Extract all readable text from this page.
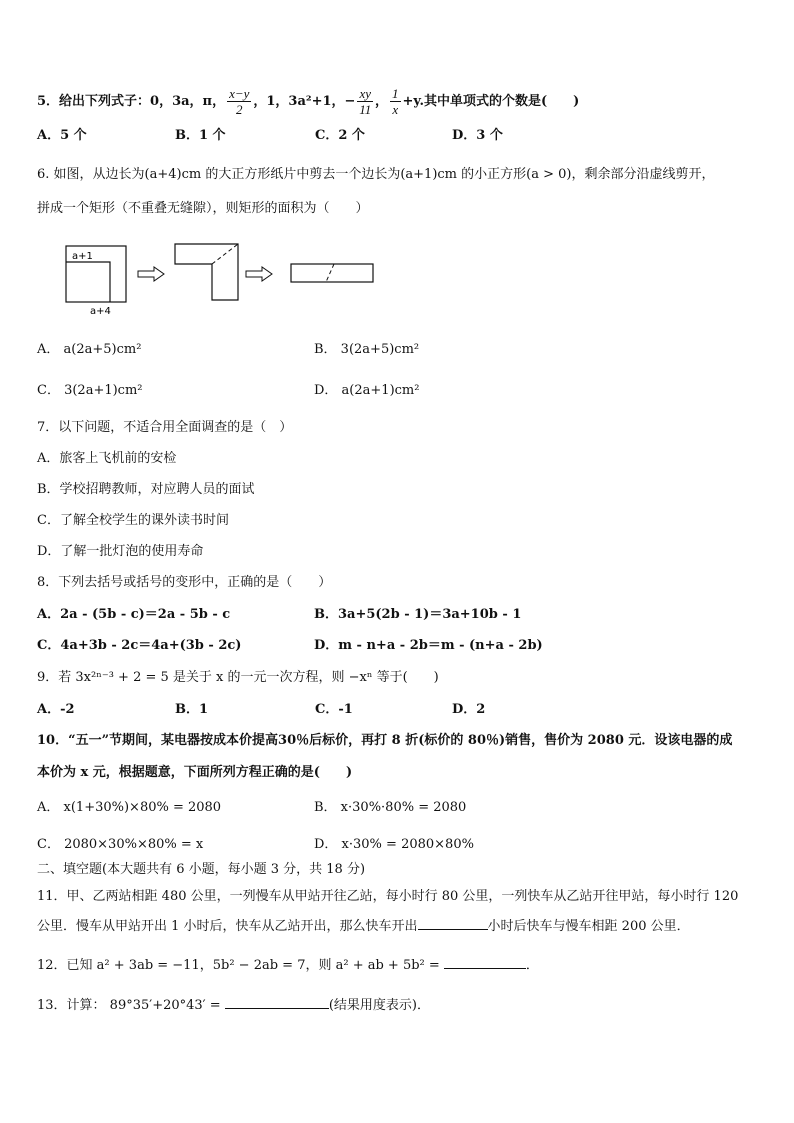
5．给出下列式子：0，3a，π， $\frac{x-y}{2}$ ，1，3a²+1，− $\frac{xy}{11}$ ， $\frac{1}{x} +y$.其中单项式的个数是(　　)
A．5 个	B．1 个	C．2 个	D．3 个
6. 如图，从边长为(a+4)cm 的大正方形纸片中剪去一个边长为(a+1)cm 的小正方形(a > 0)，剩余部分沿虚线剪开，
拼成一个矩形（不重叠无缝隙），则矩形的面积为（　　）
a+1
a+4
A． a(2a+5)cm²	B． 3(2a+5)cm²
C． 3(2a+1)cm²	D． a(2a+1)cm²
7．以下问题，不适合用全面调查的是（　）
A．旅客上飞机前的安检
B．学校招聘教师，对应聘人员的面试
C．了解全校学生的课外读书时间
D．了解一批灯泡的使用寿命
8．下列去括号或括号的变形中，正确的是（　　）
A．2a - (5b - c)＝2a - 5b - c	B．3a+5(2b - 1)＝3a+10b - 1
C．4a+3b - 2c＝4a+(3b - 2c)	D．m - n+a - 2b＝m - (n+a - 2b)
9．若 3x²ⁿ⁻³ + 2 = 5 是关于 x 的一元一次方程，则 −xⁿ 等于(　　)
A．-2	B．1	C．-1	D．2
10．“五一”节期间，某电器按成本价提高30％后标价，再打 8 折(标价的 80％)销售，售价为 2080 元．设该电器的成
本价为 x 元，根据题意，下面所列方程正确的是(　　)
A． x(1+30%)×80% = 2080	B． x·30%·80% = 2080
C． 2080×30%×80% = x	D． x·30% = 2080×80%
二、填空题(本大题共有 6 小题，每小题 3 分，共 18 分)
11．甲、乙两站相距 480 公里，一列慢车从甲站开往乙站，每小时行 80 公里，一列快车从乙站开往甲站，每小时行 120
公里．慢车从甲站开出 1 小时后，快车从乙站开出，那么快车开出	小时后快车与慢车相距 200 公里．
12．已知 a² + 3ab = −11，5b² − 2ab = 7，则 a² + ab + 5b² =	．
13．计算： 89°35′+20°43′ =	(结果用度表示)．
